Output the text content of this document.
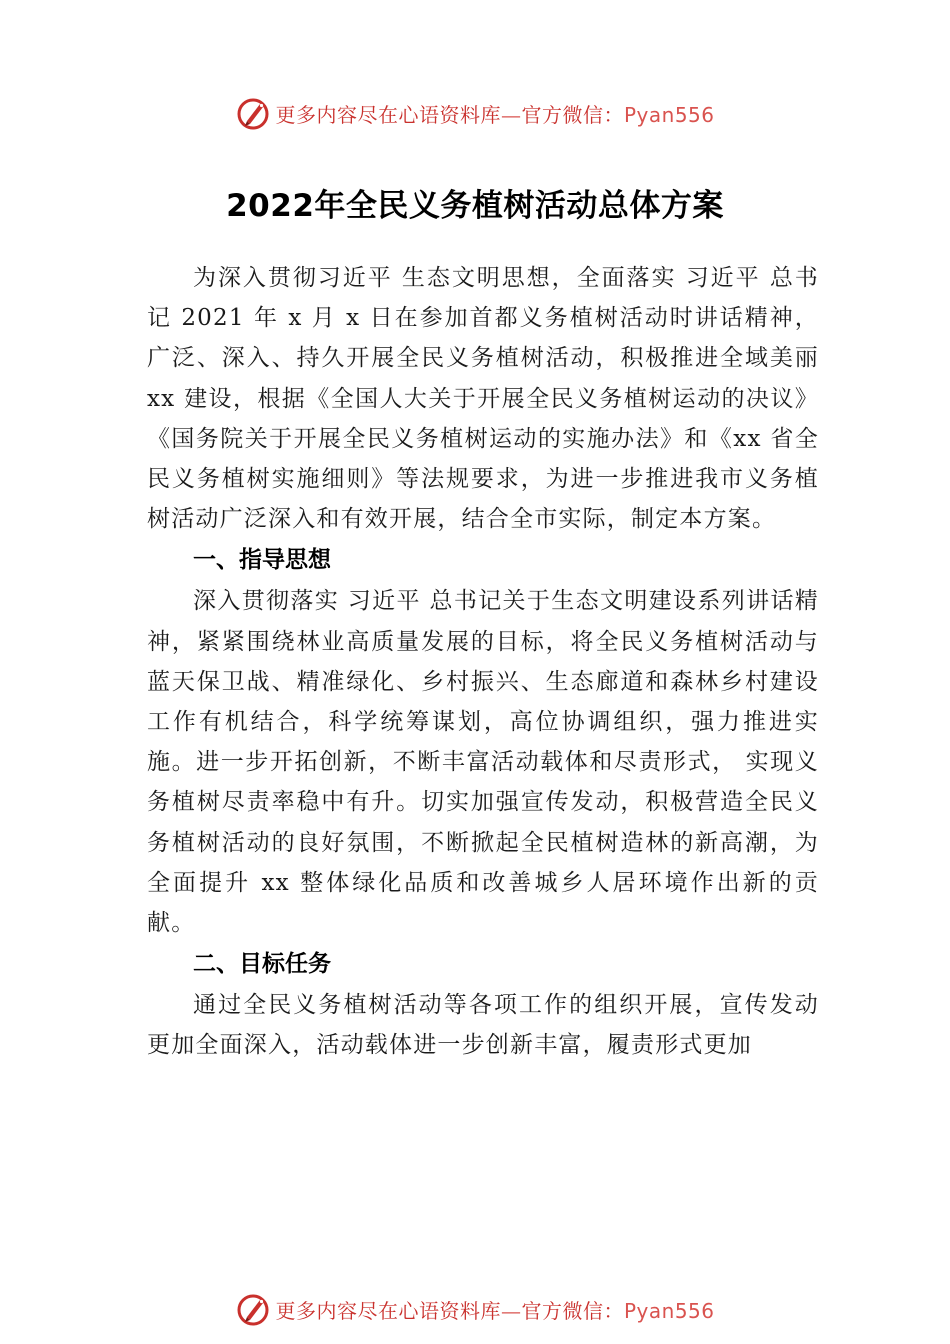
更多内容尽在心语资料库—官方微信：Pyan556
2022年全民义务植树活动总体方案

为深入贯彻习近平 生态文明思想，全面落实 习近平 总书记 2021 年 x 月 x 日在参加首都义务植树活动时讲话精神，广泛、深入、持久开展全民义务植树活动，积极推进全域美丽 xx 建设，根据《全国人大关于开展全民义务植树运动的决议》《国务院关于开展全民义务植树运动的实施办法》和《xx 省全民义务植树实施细则》等法规要求，为进一步推进我市义务植树活动广泛深入和有效开展，结合全市实际，制定本方案。

一、指导思想

深入贯彻落实 习近平 总书记关于生态文明建设系列讲话精神，紧紧围绕林业高质量发展的目标，将全民义务植树活动与蓝天保卫战、精准绿化、乡村振兴、生态廊道和森林乡村建设工作有机结合，科学统筹谋划，高位协调组织，强力推进实施。进一步开拓创新，不断丰富活动载体和尽责形式， 实现义务植树尽责率稳中有升。切实加强宣传发动，积极营造全民义务植树活动的良好氛围，不断掀起全民植树造林的新高潮，为全面提升 xx 整体绿化品质和改善城乡人居环境作出新的贡献。

二、目标任务

通过全民义务植树活动等各项工作的组织开展，宣传发动更加全面深入，活动载体进一步创新丰富，履责形式更加

更多内容尽在心语资料库—官方微信：Pyan556
